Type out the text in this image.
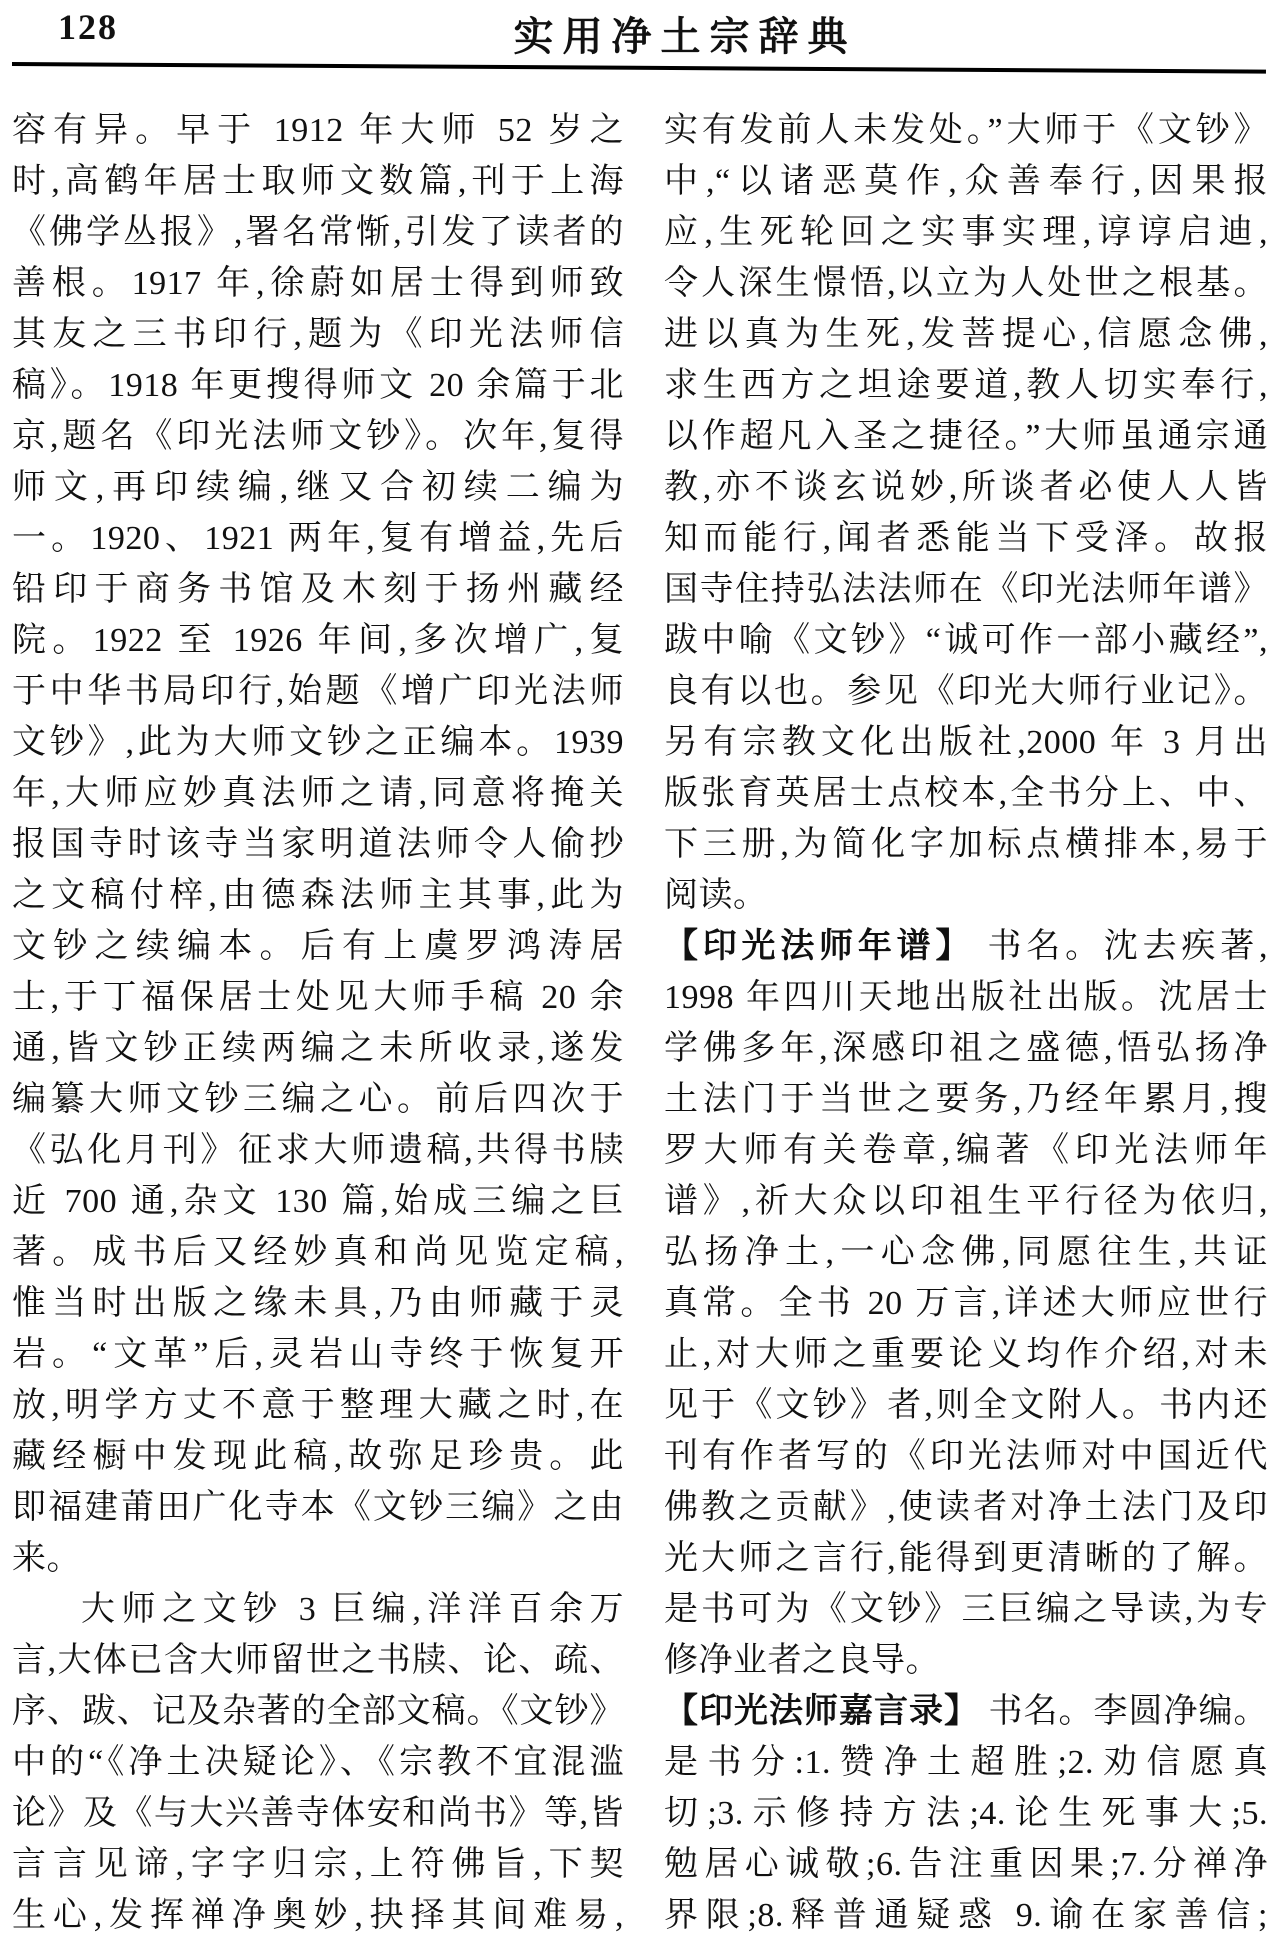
128	实用净土宗辞典
容有异。早于 1912 年大师 52 岁之
时,高鹤年居士取师文数篇,刊于上海
《佛学丛报》,署名常惭,引发了读者的
善根。1917 年,徐蔚如居士得到师致
其友之三书印行,题为《印光法师信
稿》。1918 年更搜得师文 20 余篇于北
京,题名《印光法师文钞》。次年,复得
师文,再印续编,继又合初续二编为
一。1920、1921 两年,复有增益,先后
铅印于商务书馆及木刻于扬州藏经
院。1922 至 1926 年间,多次增广,复
于中华书局印行,始题《增广印光法师
文钞》,此为大师文钞之正编本。1939
年,大师应妙真法师之请,同意将掩关
报国寺时该寺当家明道法师令人偷抄
之文稿付梓,由德森法师主其事,此为
文钞之续编本。后有上虞罗鸿涛居
士,于丁福保居士处见大师手稿 20 余
通,皆文钞正续两编之未所收录,遂发
编纂大师文钞三编之心。前后四次于
《弘化月刊》征求大师遗稿,共得书牍
近 700 通,杂文 130 篇,始成三编之巨
著。成书后又经妙真和尚见览定稿,
惟当时出版之缘未具,乃由师藏于灵
岩。“文革”后,灵岩山寺终于恢复开
放,明学方丈不意于整理大藏之时,在
藏经橱中发现此稿,故弥足珍贵。此
即福建莆田广化寺本《文钞三编》之由
来。
大师之文钞 3 巨编,洋洋百余万
言,大体已含大师留世之书牍、论、疏、
序、跋、记及杂著的全部文稿。《文钞》
中的“《净土决疑论》、《宗教不宜混滥
论》及《与大兴善寺体安和尚书》等,皆
言言见谛,字字归宗,上符佛旨,下契
生心,发挥禅净奥妙,抉择其间难易,
实有发前人未发处。”大师于《文钞》
中,“以诸恶莫作,众善奉行,因果报
应,生死轮回之实事实理,谆谆启迪,
令人深生憬悟,以立为人处世之根基。
进以真为生死,发菩提心,信愿念佛,
求生西方之坦途要道,教人切实奉行,
以作超凡入圣之捷径。”大师虽通宗通
教,亦不谈玄说妙,所谈者必使人人皆
知而能行,闻者悉能当下受泽。故报
国寺住持弘法法师在《印光法师年谱》
跋中喻《文钞》“诚可作一部小藏经”,
良有以也。参见《印光大师行业记》。
另有宗教文化出版社,2000 年 3 月出
版张育英居士点校本,全书分上、中、
下三册,为简化字加标点横排本,易于
阅读。
【印光法师年谱】 书名。沈去疾著,
1998 年四川天地出版社出版。沈居士
学佛多年,深感印祖之盛德,悟弘扬净
土法门于当世之要务,乃经年累月,搜
罗大师有关卷章,编著《印光法师年
谱》,祈大众以印祖生平行径为依归,
弘扬净土,一心念佛,同愿往生,共证
真常。全书 20 万言,详述大师应世行
止,对大师之重要论义均作介绍,对未
见于《文钞》者,则全文附人。书内还
刊有作者写的《印光法师对中国近代
佛教之贡献》,使读者对净土法门及印
光大师之言行,能得到更清晰的了解。
是书可为《文钞》三巨编之导读,为专
修净业者之良导。
【印光法师嘉言录】 书名。李圆净编。
是书分:1.赞净土超胜;2.劝信愿真
切;3.示修持方法;4.论生死事大;5.
勉居心诚敬;6.告注重因果;7.分禅净
界限;8.释普通疑惑 9.谕在家善信;
